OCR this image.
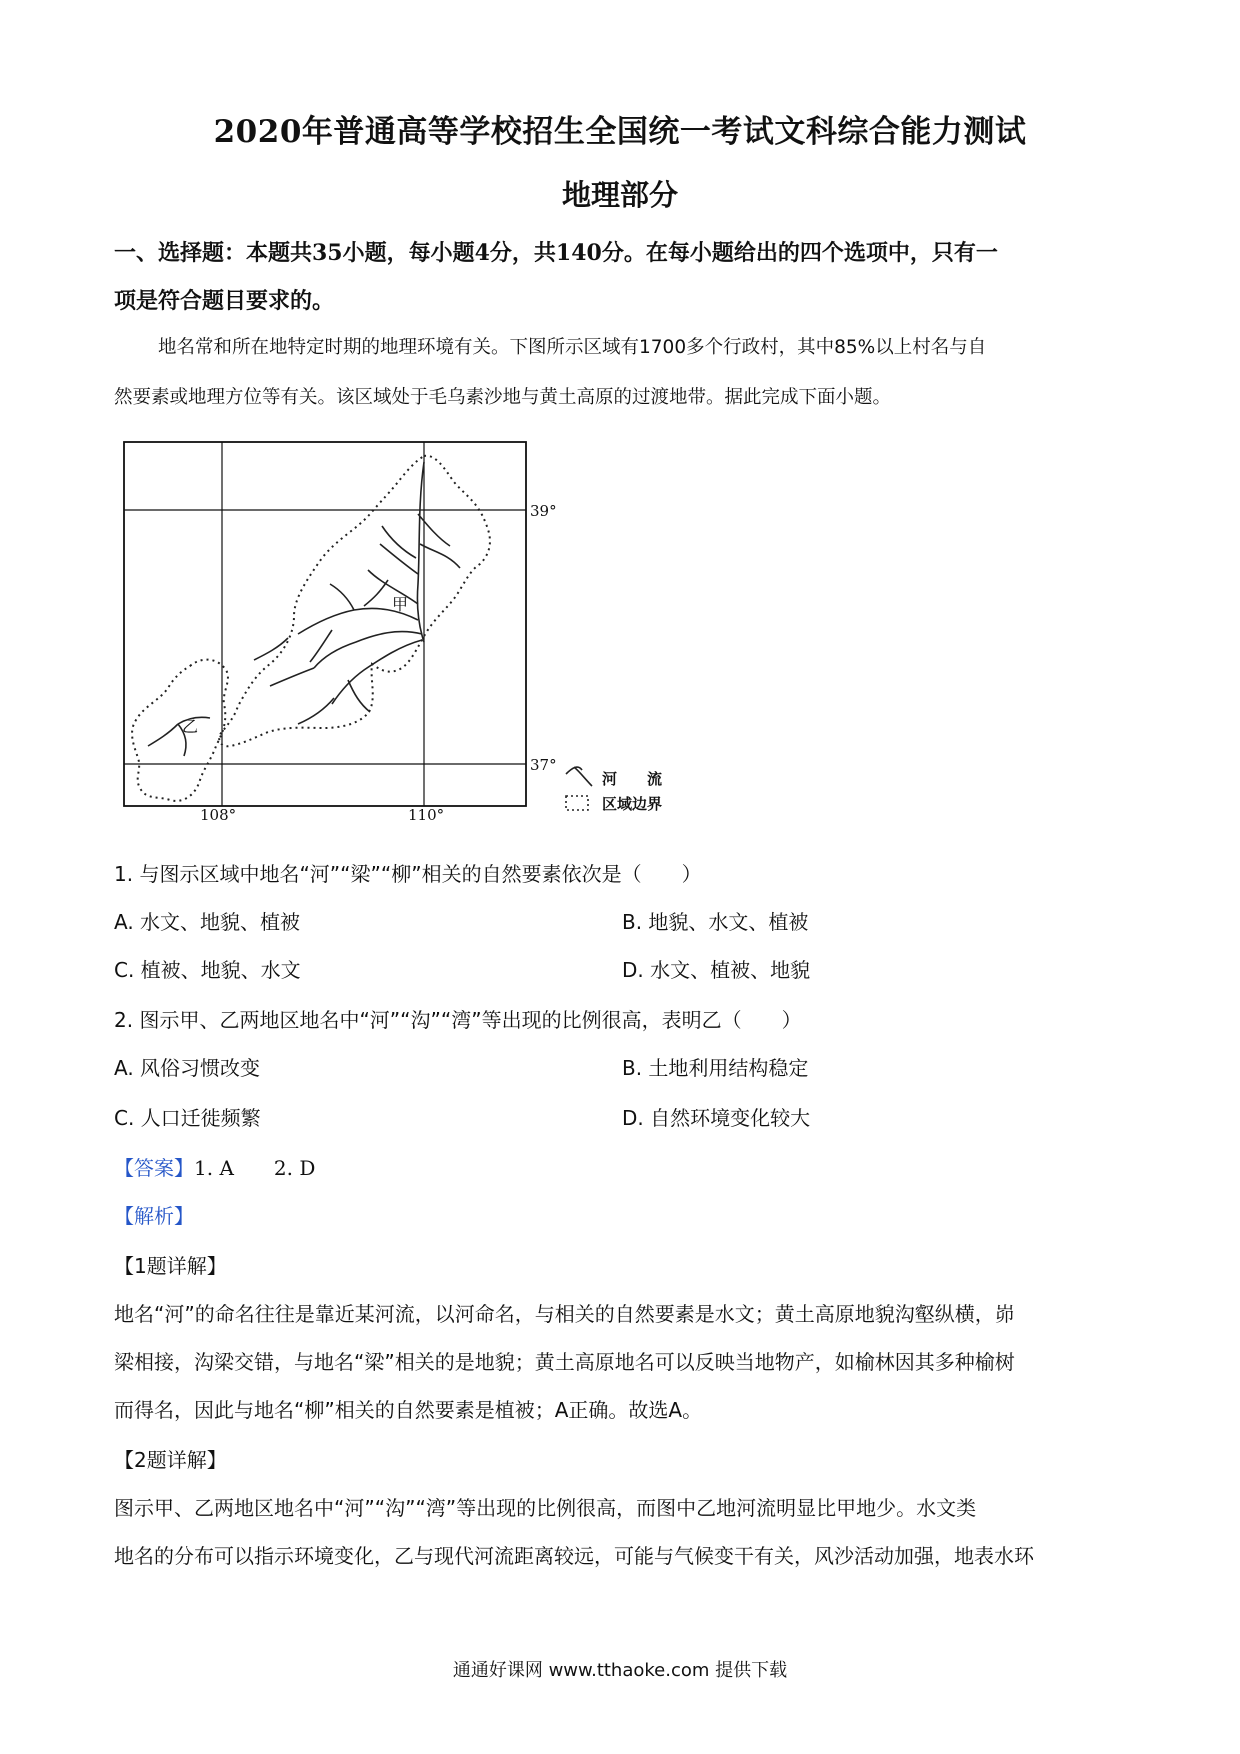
2020年普通高等学校招生全国统一考试文科综合能力测试
地理部分
一、选择题：本题共35小题，每小题4分，共140分。在每小题给出的四个选项中，只有一
项是符合题目要求的。
地名常和所在地特定时期的地理环境有关。下图所示区域有1700多个行政村，其中85%以上村名与自
然要素或地理方位等有关。该区域处于毛乌素沙地与黄土高原的过渡地带。据此完成下面小题。
39°
37°
108°	110°
甲
乙
河　　流
区域边界
1. 与图示区域中地名“河”“梁”“柳”相关的自然要素依次是（　　）
A. 水文、地貌、植被	B. 地貌、水文、植被
C. 植被、地貌、水文	D. 水文、植被、地貌
2. 图示甲、乙两地区地名中“河”“沟”“湾”等出现的比例很高，表明乙（　　）
A. 风俗习惯改变	B. 土地利用结构稳定
C. 人口迁徙频繁	D. 自然环境变化较大
【答案】1. A　　2. D
【解析】
【1题详解】
地名“河”的命名往往是靠近某河流，以河命名，与相关的自然要素是水文；黄土高原地貌沟壑纵横，峁
梁相接，沟梁交错，与地名“梁”相关的是地貌；黄土高原地名可以反映当地物产，如榆林因其多种榆树
而得名，因此与地名“柳”相关的自然要素是植被；A正确。故选A。
【2题详解】
图示甲、乙两地区地名中“河”“沟”“湾”等出现的比例很高，而图中乙地河流明显比甲地少。水文类
地名的分布可以指示环境变化，乙与现代河流距离较远，可能与气候变干有关，风沙活动加强，地表水环
通通好课网 www.tthaoke.com 提供下载
